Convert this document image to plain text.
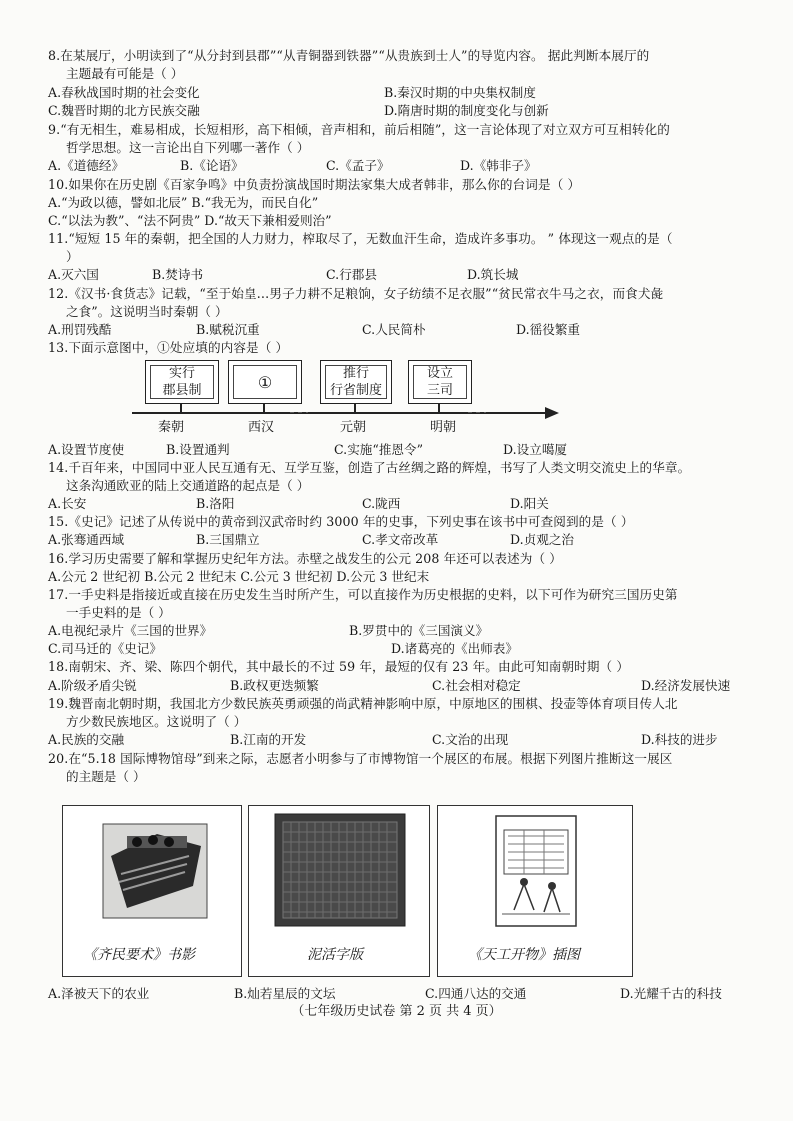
8.在某展厅，小明读到了“从分封到县郡”“从青铜器到铁器”“从贵族到士人”的导览内容。 据此判断本展厅的
主题最有可能是（ ）
A.春秋战国时期的社会变化	B.秦汉时期的中央集权制度
C.魏晋时期的北方民族交融	D.隋唐时期的制度变化与创新
9.“有无相生，难易相成，长短相形，高下相倾，音声相和，前后相随”，这一言论体现了对立双方可互相转化的
哲学思想。这一言论出自下列哪一著作（ ）
A.《道德经》	B.《论语》	C.《孟子》	D.《韩非子》
10.如果你在历史剧《百家争鸣》中负责扮演战国时期法家集大成者韩非，那么你的台词是（ ）
A.“为政以德，譬如北辰” B.“我无为，而民自化”
C.“以法为教”、“法不阿贵” D.“故天下兼相爱则治”
11.“短短 15 年的秦朝，把全国的人力财力，榨取尽了，无数血汗生命，造成许多事功。 ” 体现这一观点的是（
）
A.灭六国	B.焚诗书	C.行郡县	D.筑长城
12.《汉书·食货志》记载，“至于始皇…男子力耕不足粮饷，女子纺绩不足衣服”“贫民常衣牛马之衣，而食犬彘
之食”。这说明当时秦朝（ ）
A.刑罚残酷	B.赋税沉重	C.人民简朴	D.徭役繁重
13.下面示意图中，①处应填的内容是（ ）
实行
郡县制	①	推行
行省制度
设立
三司
秦朝	西汉	元朝	明朝
A.设置节度使	B.设置通判	C.实施“推恩令”	D.设立噶厦
14.千百年来，中国同中亚人民互通有无、互学互鉴，创造了古丝绸之路的辉煌，书写了人类文明交流史上的华章。
这条沟通欧亚的陆上交通道路的起点是（ ）
A.长安	B.洛阳	C.陇西	D.阳关
15.《史记》记述了从传说中的黄帝到汉武帝时约 3000 年的史事，下列史事在该书中可查阅到的是（ ）
A.张骞通西域	B.三国鼎立	C.孝文帝改革	D.贞观之治
16.学习历史需要了解和掌握历史纪年方法。赤壁之战发生的公元 208 年还可以表述为（ ）
A.公元 2 世纪初 B.公元 2 世纪末 C.公元 3 世纪初 D.公元 3 世纪末
17.一手史料是指接近或直接在历史发生当时所产生，可以直接作为历史根据的史料，以下可作为研究三国历史第
一手史料的是（ ）
A.电视纪录片《三国的世界》	B.罗贯中的《三国演义》
C.司马迁的《史记》	D.诸葛亮的《出师表》
18.南朝宋、齐、梁、陈四个朝代，其中最长的不过 59 年，最短的仅有 23 年。由此可知南朝时期（ ）
A.阶级矛盾尖锐	B.政权更迭频繁	C.社会相对稳定	D.经济发展快速
19.魏晋南北朝时期，我国北方少数民族英勇顽强的尚武精神影响中原，中原地区的围棋、投壶等体育项目传人北
方少数民族地区。这说明了（ ）
A.民族的交融	B.江南的开发	C.文治的出现	D.科技的进步
20.在“5.18 国际博物馆母”到来之际，志愿者小明参与了市博物馆一个展区的布展。根据下列图片推断这一展区
的主题是（ ）
《齐民要术》书影	泥活字版	《天工开物》插图
A.泽被天下的农业	B.灿若星辰的文坛	C.四通八达的交通	D.光耀千古的科技
（七年级历史试卷 第 2 页 共 4 页）
